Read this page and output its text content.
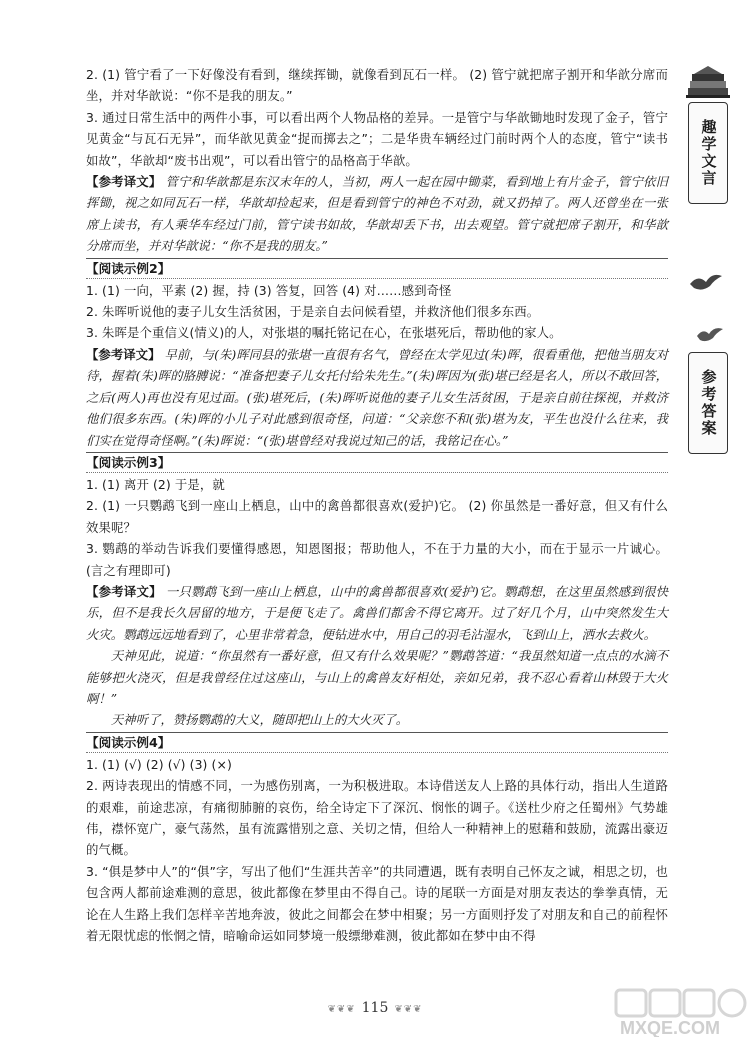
2. (1) 管宁看了一下好像没有看到，继续挥锄，就像看到瓦石一样。 (2) 管宁就把席子割开和华歆分席而坐，并对华歆说：“你不是我的朋友。”

3. 通过日常生活中的两件小事，可以看出两个人物品格的差异。一是管宁与华歆锄地时发现了金子，管宁见黄金“与瓦石无异”，而华歆见黄金“捉而掷去之”；二是华贵车辆经过门前时两个人的态度，管宁“读书如故”，华歆却“废书出观”，可以看出管宁的品格高于华歆。

【参考译文】 管宁和华歆都是东汉末年的人，当初，两人一起在园中锄菜，看到地上有片金子，管宁依旧挥锄，视之如同瓦石一样，华歆却捡起来，但是看到管宁的神色不对劲，就又扔掉了。两人还曾坐在一张席上读书，有人乘华车经过门前，管宁读书如故，华歆却丢下书，出去观望。管宁就把席子割开，和华歆分席而坐，并对华歆说：“你不是我的朋友。”

【阅读示例2】

1. (1) 一向，平素 (2) 握，持 (3) 答复，回答 (4) 对……感到奇怪

2. 朱晖听说他的妻子儿女生活贫困，于是亲自去问候看望，并救济他们很多东西。

3. 朱晖是个重信义(情义)的人，对张堪的嘱托铭记在心，在张堪死后，帮助他的家人。

【参考译文】 早前，与(朱)晖同县的张堪一直很有名气，曾经在太学见过(朱)晖，很看重他，把他当朋友对待，握着(朱)晖的胳膊说：“准备把妻子儿女托付给朱先生。”(朱)晖因为(张)堪已经是名人，所以不敢回答，之后(两人)再也没有见过面。(张)堪死后，(朱)晖听说他的妻子儿女生活贫困，于是亲自前往探视，并救济他们很多东西。(朱)晖的小儿子对此感到很奇怪，问道：“父亲您不和(张)堪为友，平生也没什么往来，我们实在觉得奇怪啊。”(朱)晖说：“(张)堪曾经对我说过知己的话，我铭记在心。”

【阅读示例3】

1. (1) 离开 (2) 于是，就

2. (1) 一只鹦鹉飞到一座山上栖息，山中的禽兽都很喜欢(爱护)它。 (2) 你虽然是一番好意，但又有什么效果呢？

3. 鹦鹉的举动告诉我们要懂得感恩，知恩图报；帮助他人，不在于力量的大小，而在于显示一片诚心。(言之有理即可)

【参考译文】 一只鹦鹉飞到一座山上栖息，山中的禽兽都很喜欢(爱护)它。鹦鹉想，在这里虽然感到很快乐，但不是我长久居留的地方，于是便飞走了。禽兽们都舍不得它离开。过了好几个月，山中突然发生大火灾。鹦鹉远远地看到了，心里非常着急，便钻进水中，用自己的羽毛沾湿水，飞到山上，洒水去救火。

天神见此，说道：“你虽然有一番好意，但又有什么效果呢？”鹦鹉答道：“我虽然知道一点点的水滴不能够把火浇灭，但是我曾经住过这座山，与山上的禽兽友好相处，亲如兄弟，我不忍心看着山林毁于大火啊！”

天神听了，赞扬鹦鹉的大义，随即把山上的大火灭了。

【阅读示例4】

1. (1) (√) (2) (√) (3) (×)

2. 两诗表现出的情感不同，一为感伤别离，一为积极进取。本诗借送友人上路的具体行动，指出人生道路的艰难，前途悲凉，有痛彻肺腑的哀伤，给全诗定下了深沉、悯怅的调子。《送杜少府之任蜀州》气势雄伟，襟怀宽广，豪气荡然，虽有流露惜别之意、关切之情，但给人一种精神上的慰藉和鼓励，流露出豪迈的气概。

3. “俱是梦中人”的“俱”字，写出了他们“生涯共苦辛”的共同遭遇，既有表明自己怀友之诚，相思之切，也包含两人都前途难测的意思，彼此都像在梦里由不得自己。诗的尾联一方面是对朋友表达的拳拳真情，无论在人生路上我们怎样辛苦地奔波，彼此之间都会在梦中相聚；另一方面则抒发了对朋友和自己的前程怀着无限忧虑的怅惘之情，暗喻命运如同梦境一般缥缈难测，彼此都如在梦中由不得

趣学文言
参考答案
❦❦❦ 115 ❦❦❦
MXQE.COM
